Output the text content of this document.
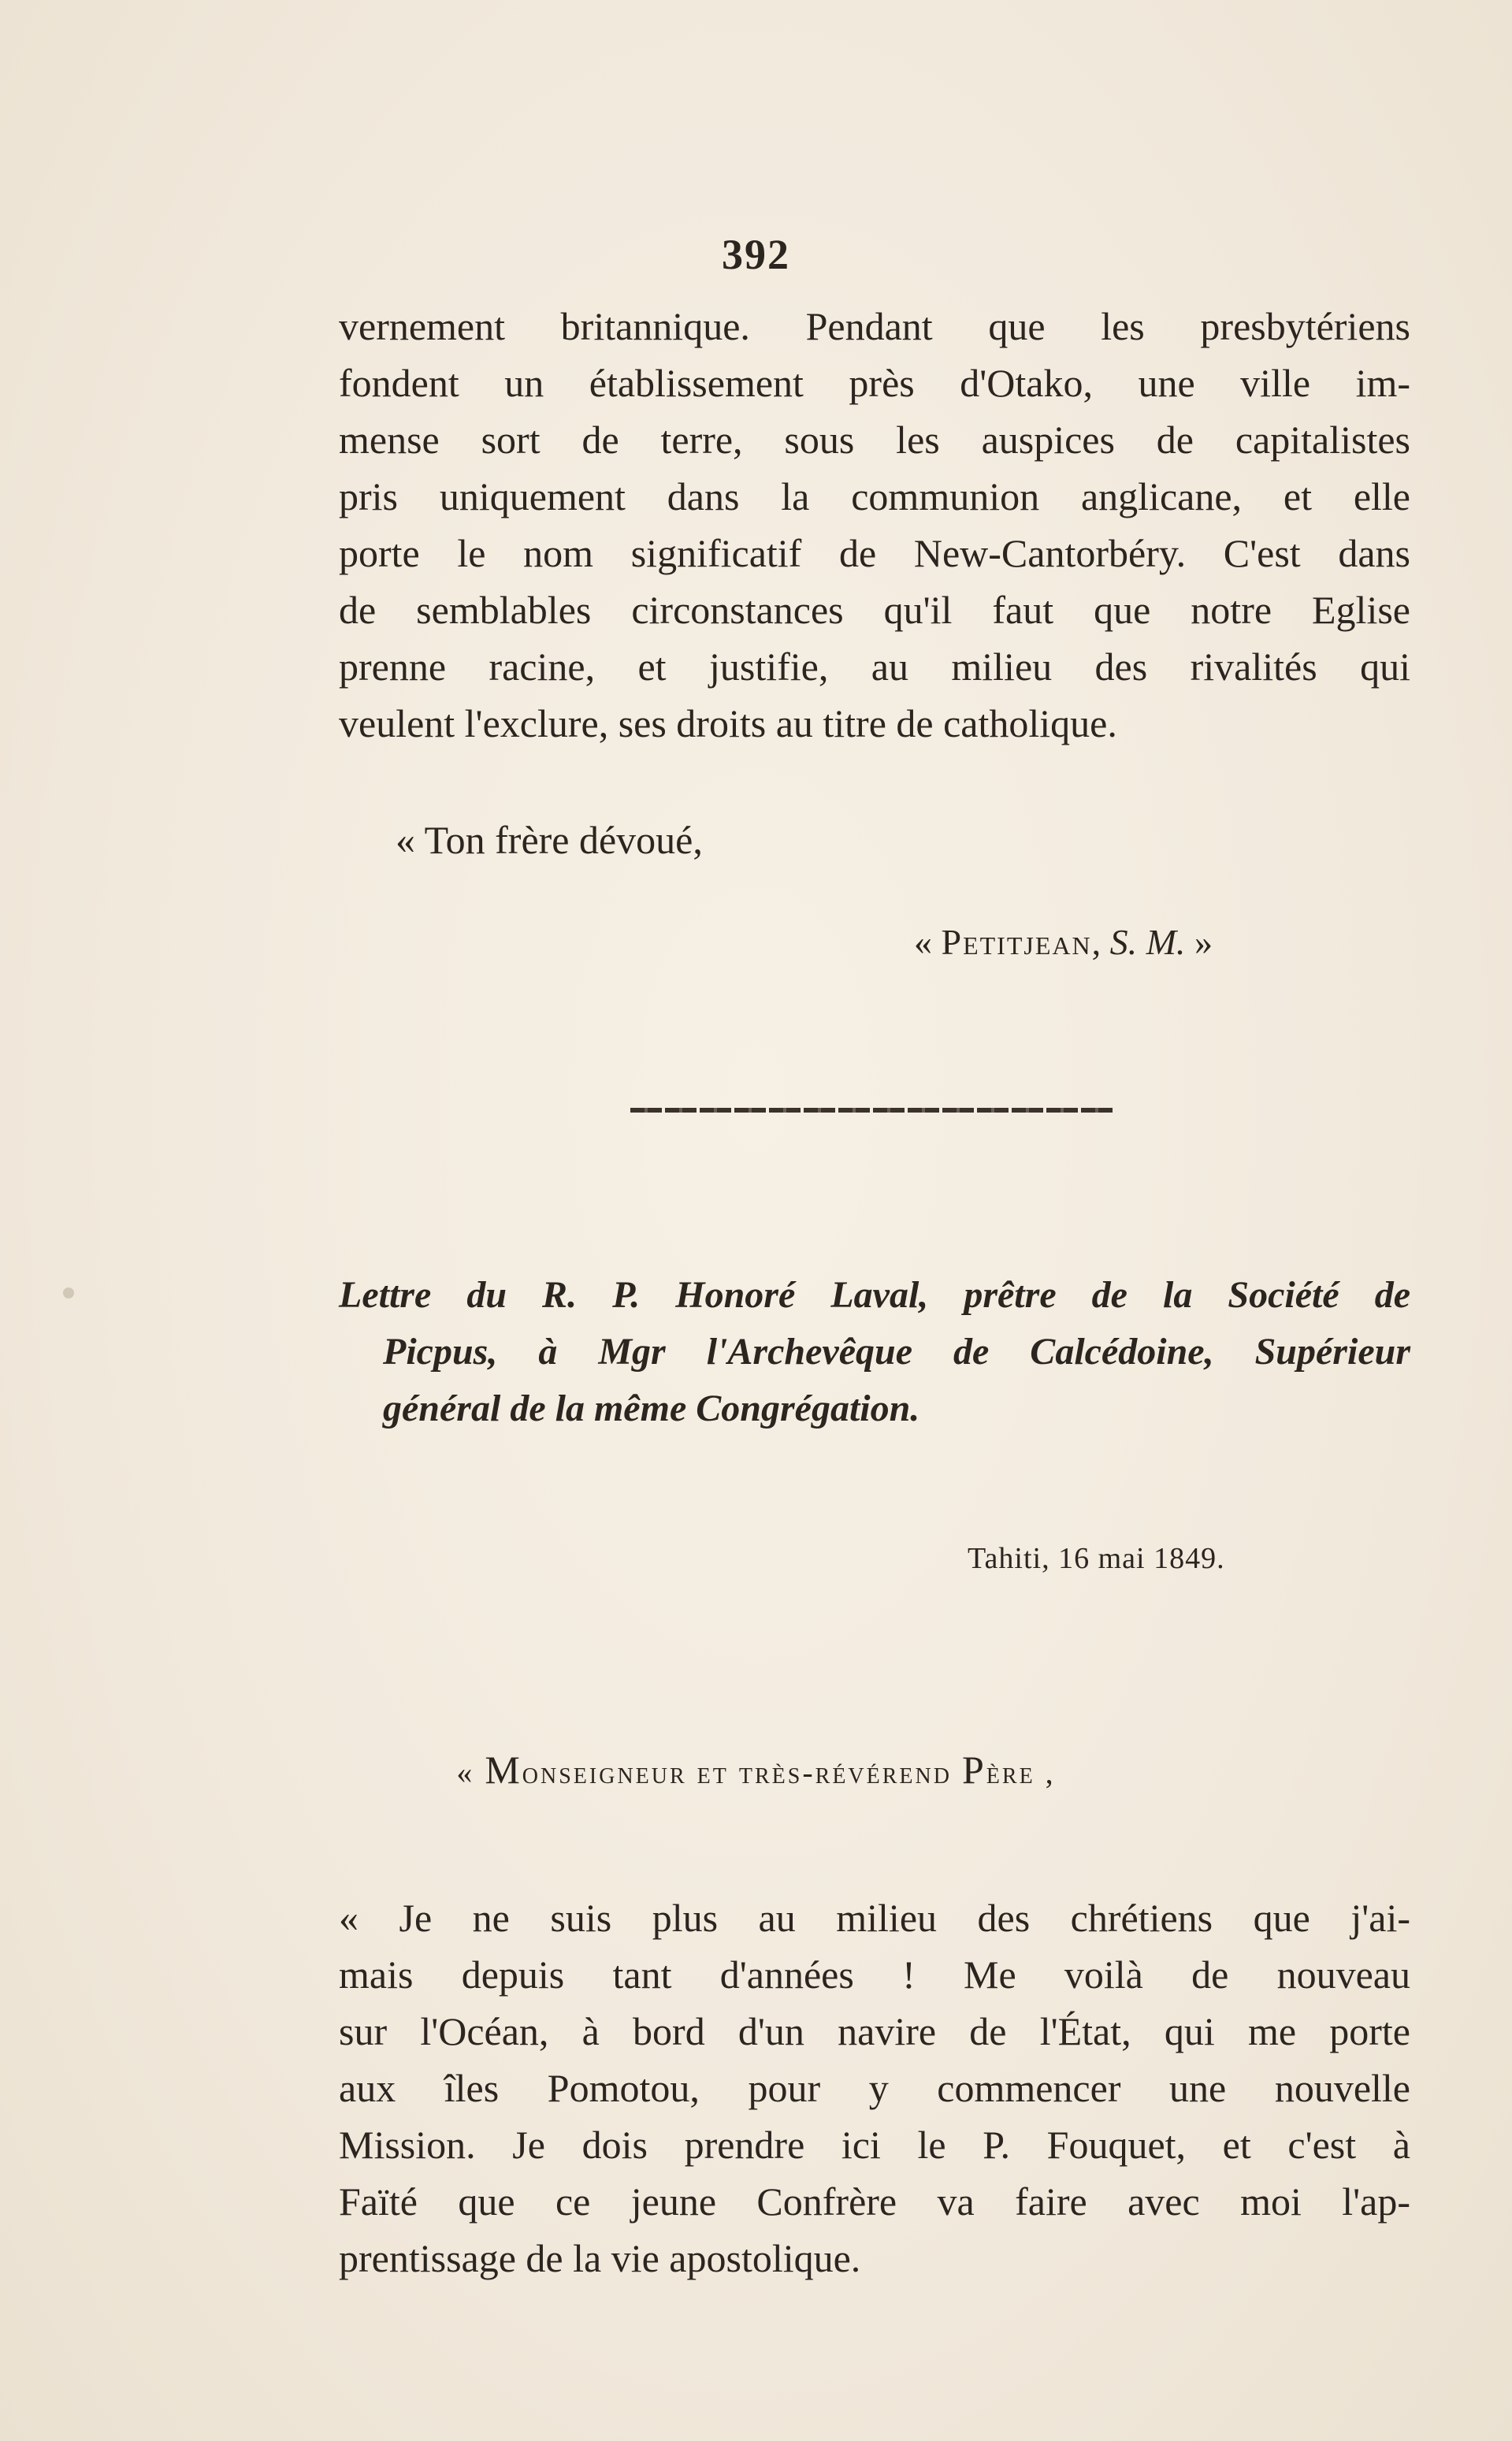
392
vernement britannique. Pendant que les presbytériens
fondent un établissement près d'Otako, une ville im-
mense sort de terre, sous les auspices de capitalistes
pris uniquement dans la communion anglicane, et elle
porte le nom significatif de New-Cantorbéry. C'est dans
de semblables circonstances qu'il faut que notre Eglise
prenne racine, et justifie, au milieu des rivalités qui
veulent l'exclure, ses droits au titre de catholique.
« Ton frère dévoué,
« Petitjean, S. M. »
Lettre du R. P. Honoré Laval, prêtre de la Société de
Picpus, à Mgr l'Archevêque de Calcédoine, Supérieur
général de la même Congrégation.
Tahiti, 16 mai 1849.
« Monseigneur et très-révérend Père ,
« Je ne suis plus au milieu des chrétiens que j'ai-
mais depuis tant d'années ! Me voilà de nouveau
sur l'Océan, à bord d'un navire de l'État, qui me porte
aux îles Pomotou, pour y commencer une nouvelle
Mission. Je dois prendre ici le P. Fouquet, et c'est à
Faïté que ce jeune Confrère va faire avec moi l'ap-
prentissage de la vie apostolique.
